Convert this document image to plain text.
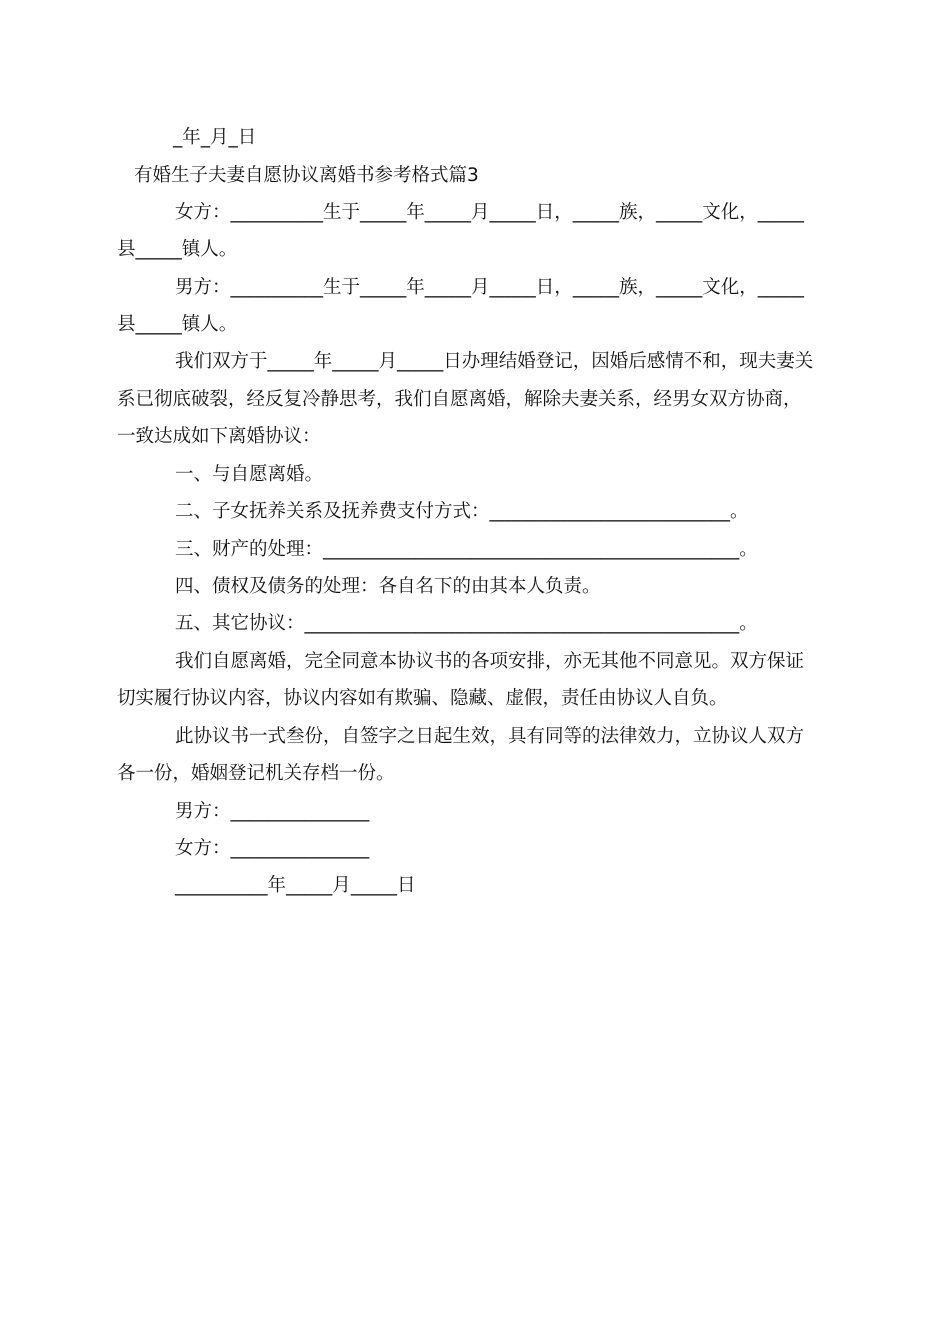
_年_月_日
有婚生子夫妻自愿协议离婚书参考格式篇3
女方：__________生于_____年_____月_____日，_____族，_____文化，_____
县_____镇人。
男方：__________生于_____年_____月_____日，_____族，_____文化，_____
县_____镇人。
我们双方于_____年_____月_____日办理结婚登记，因婚后感情不和，现夫妻关
系已彻底破裂，经反复冷静思考，我们自愿离婚，解除夫妻关系，经男女双方协商，
一致达成如下离婚协议：
一、与自愿离婚。
二、子女抚养关系及抚养费支付方式：__________________________。
三、财产的处理：_____________________________________________。
四、债权及债务的处理：各自名下的由其本人负责。
五、其它协议：_______________________________________________。
我们自愿离婚，完全同意本协议书的各项安排，亦无其他不同意见。双方保证
切实履行协议内容，协议内容如有欺骗、隐藏、虚假，责任由协议人自负。
此协议书一式叁份，自签字之日起生效，具有同等的法律效力，立协议人双方
各一份，婚姻登记机关存档一份。
男方：_______________
女方：_______________
__________年_____月_____日
